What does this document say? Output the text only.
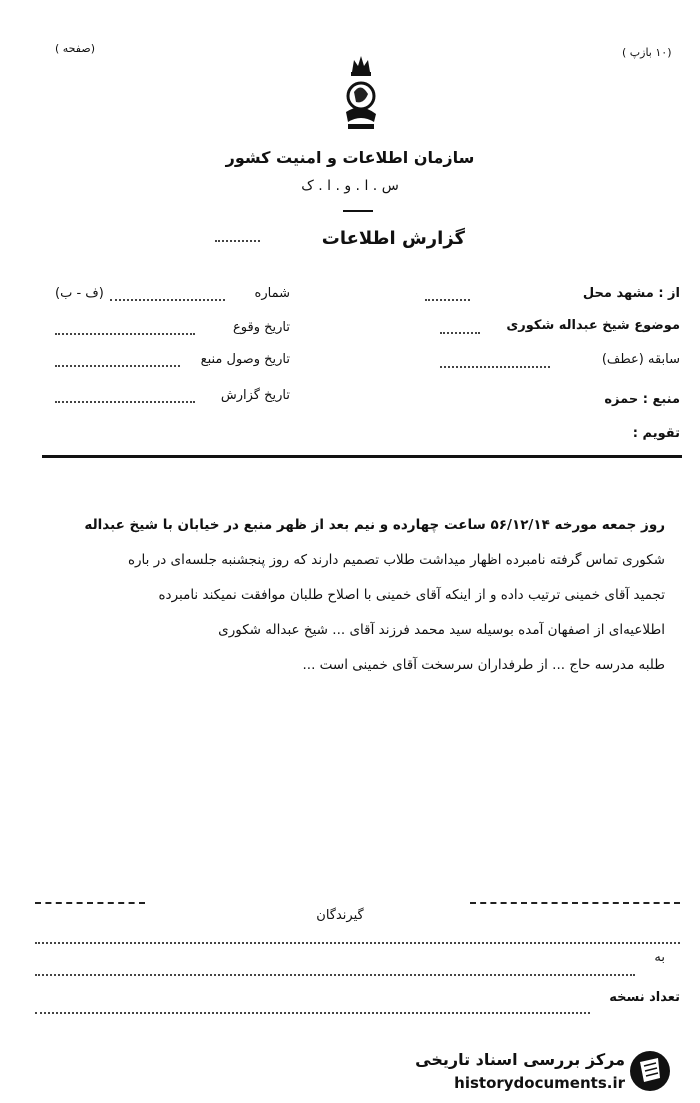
(صفحه )	(۱۰ بازپ )
سازمان اطلاعات و امنیت کشور
س . ا . و . ا . ک
گزارش اطلاعات
از : مشهد محل
موضوع شیخ عبداله شکوری
سابقه (عطف)
منبع : حمزه
تقویم :
شماره
(ف - ب)
تاریخ وقوع
تاریخ وصول منبع
تاریخ گزارش
روز جمعه مورخه ۵۶/۱۲/۱۴ ساعت چهارده و نیم بعد از ظهر منبع در خیابان با شیخ عبداله
شکوری تماس گرفته نامبرده اظهار میداشت طلاب تصمیم دارند که روز پنجشنبه جلسه‌ای در باره
تجمید آقای خمینی ترتیب داده و از اینکه آقای خمینی با اصلاح طلبان موافقت نمیکند نامبرده
اطلاعیه‌ای از اصفهان آمده بوسیله سید محمد فرزند آقای ... شیخ عبداله شکوری
طلبه مدرسه حاج ... از طرفداران سرسخت آقای خمینی است ...
گیرندگان
به
تعداد نسخه
مرکز بررسی اسناد تاریخی
historydocuments.ir
